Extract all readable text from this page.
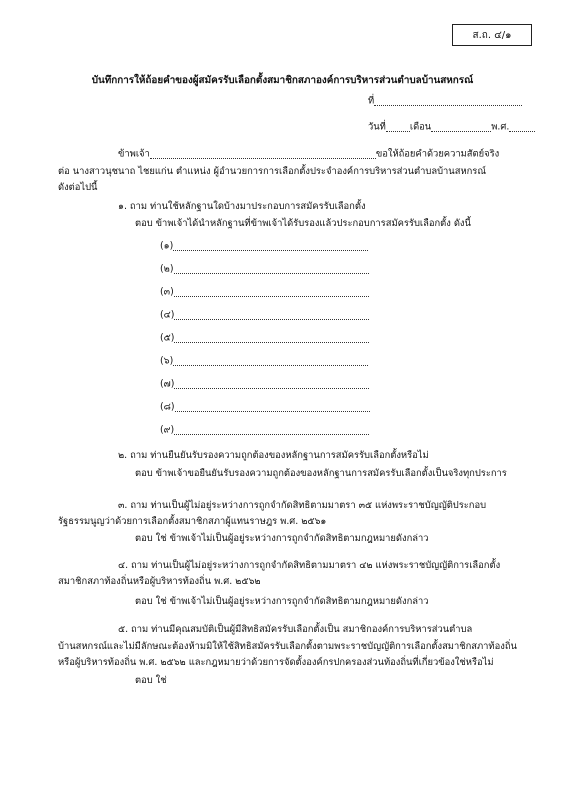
ส.ถ. ๔/๑
บันทึกการให้ถ้อยคำของผู้สมัครรับเลือกตั้งสมาชิกสภาองค์การบริหารส่วนตำบลบ้านสหกรณ์
ที่
วันที่	เดือน	พ.ศ.
ข้าพเจ้า	ขอให้ถ้อยคำด้วยความสัตย์จริง
ต่อ นางสาวนุชนาถ ไชยแก่น ตำแหน่ง ผู้อำนวยการการเลือกตั้งประจำองค์การบริหารส่วนตำบลบ้านสหกรณ์
ดังต่อไปนี้
๑. ถาม ท่านใช้หลักฐานใดบ้างมาประกอบการสมัครรับเลือกตั้ง
ตอบ ข้าพเจ้าได้นำหลักฐานที่ข้าพเจ้าได้รับรองแล้วประกอบการสมัครรับเลือกตั้ง ดังนี้
(๑)
(๒)
(๓)
(๔)
(๕)
(๖)
(๗)
(๘)
(๙)
๒. ถาม ท่านยืนยันรับรองความถูกต้องของหลักฐานการสมัครรับเลือกตั้งหรือไม่
ตอบ ข้าพเจ้าขอยืนยันรับรองความถูกต้องของหลักฐานการสมัครรับเลือกตั้งเป็นจริงทุกประการ
๓. ถาม ท่านเป็นผู้ไม่อยู่ระหว่างการถูกจำกัดสิทธิตามมาตรา ๓๕ แห่งพระราชบัญญัติประกอบ
รัฐธรรมนูญว่าด้วยการเลือกตั้งสมาชิกสภาผู้แทนราษฎร พ.ศ. ๒๕๖๑
ตอบ ใช่ ข้าพเจ้าไม่เป็นผู้อยู่ระหว่างการถูกจำกัดสิทธิตามกฎหมายดังกล่าว
๔. ถาม ท่านเป็นผู้ไม่อยู่ระหว่างการถูกจำกัดสิทธิตามมาตรา ๔๒ แห่งพระราชบัญญัติการเลือกตั้ง
สมาชิกสภาท้องถิ่นหรือผู้บริหารท้องถิ่น พ.ศ. ๒๕๖๒
ตอบ ใช่ ข้าพเจ้าไม่เป็นผู้อยู่ระหว่างการถูกจำกัดสิทธิตามกฎหมายดังกล่าว
๕. ถาม ท่านมีคุณสมบัติเป็นผู้มีสิทธิสมัครรับเลือกตั้งเป็น สมาชิกองค์การบริหารส่วนตำบล
บ้านสหกรณ์และไม่มีลักษณะต้องห้ามมิให้ใช้สิทธิสมัครรับเลือกตั้งตามพระราชบัญญัติการเลือกตั้งสมาชิกสภาท้องถิ่น
หรือผู้บริหารท้องถิ่น พ.ศ. ๒๕๖๒ และกฎหมายว่าด้วยการจัดตั้งองค์กรปกครองส่วนท้องถิ่นที่เกี่ยวข้องใช่หรือไม่
ตอบ ใช่
